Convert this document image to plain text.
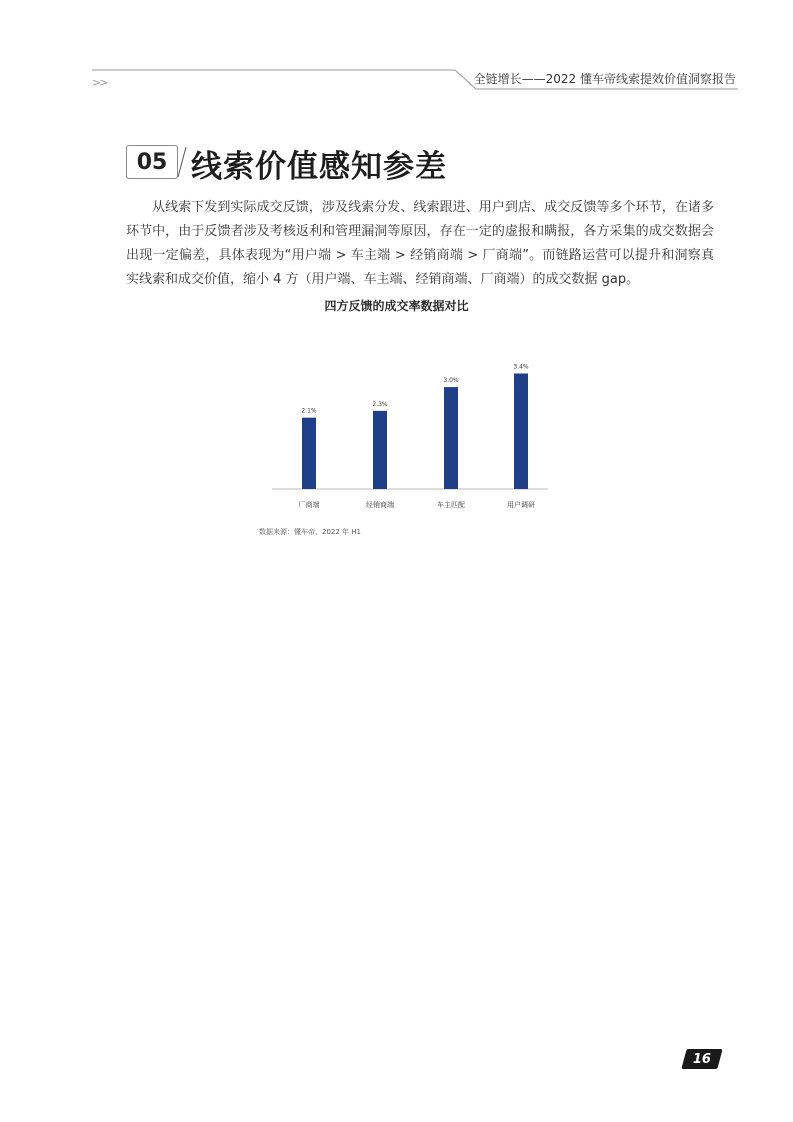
>>	全链增长——2022 懂车帝线索提效价值洞察报告
05 线索价值感知参差
从线索下发到实际成交反馈，涉及线索分发、线索跟进、用户到店、成交反馈等多个环节，在诸多环节中，由于反馈者涉及考核返利和管理漏洞等原因，存在一定的虚报和瞒报，各方采集的成交数据会出现一定偏差，具体表现为“用户端 > 车主端 > 经销商端 > 厂商端”。而链路运营可以提升和洞察真实线索和成交价值，缩小 4 方（用户端、车主端、经销商端、厂商端）的成交数据 gap。
四方反馈的成交率数据对比
2.1%
厂商端
2.3%
经销商端
3.0%
车主匹配
3.4%
用户调研
数据来源：懂车帝，2022 年 H1
16
